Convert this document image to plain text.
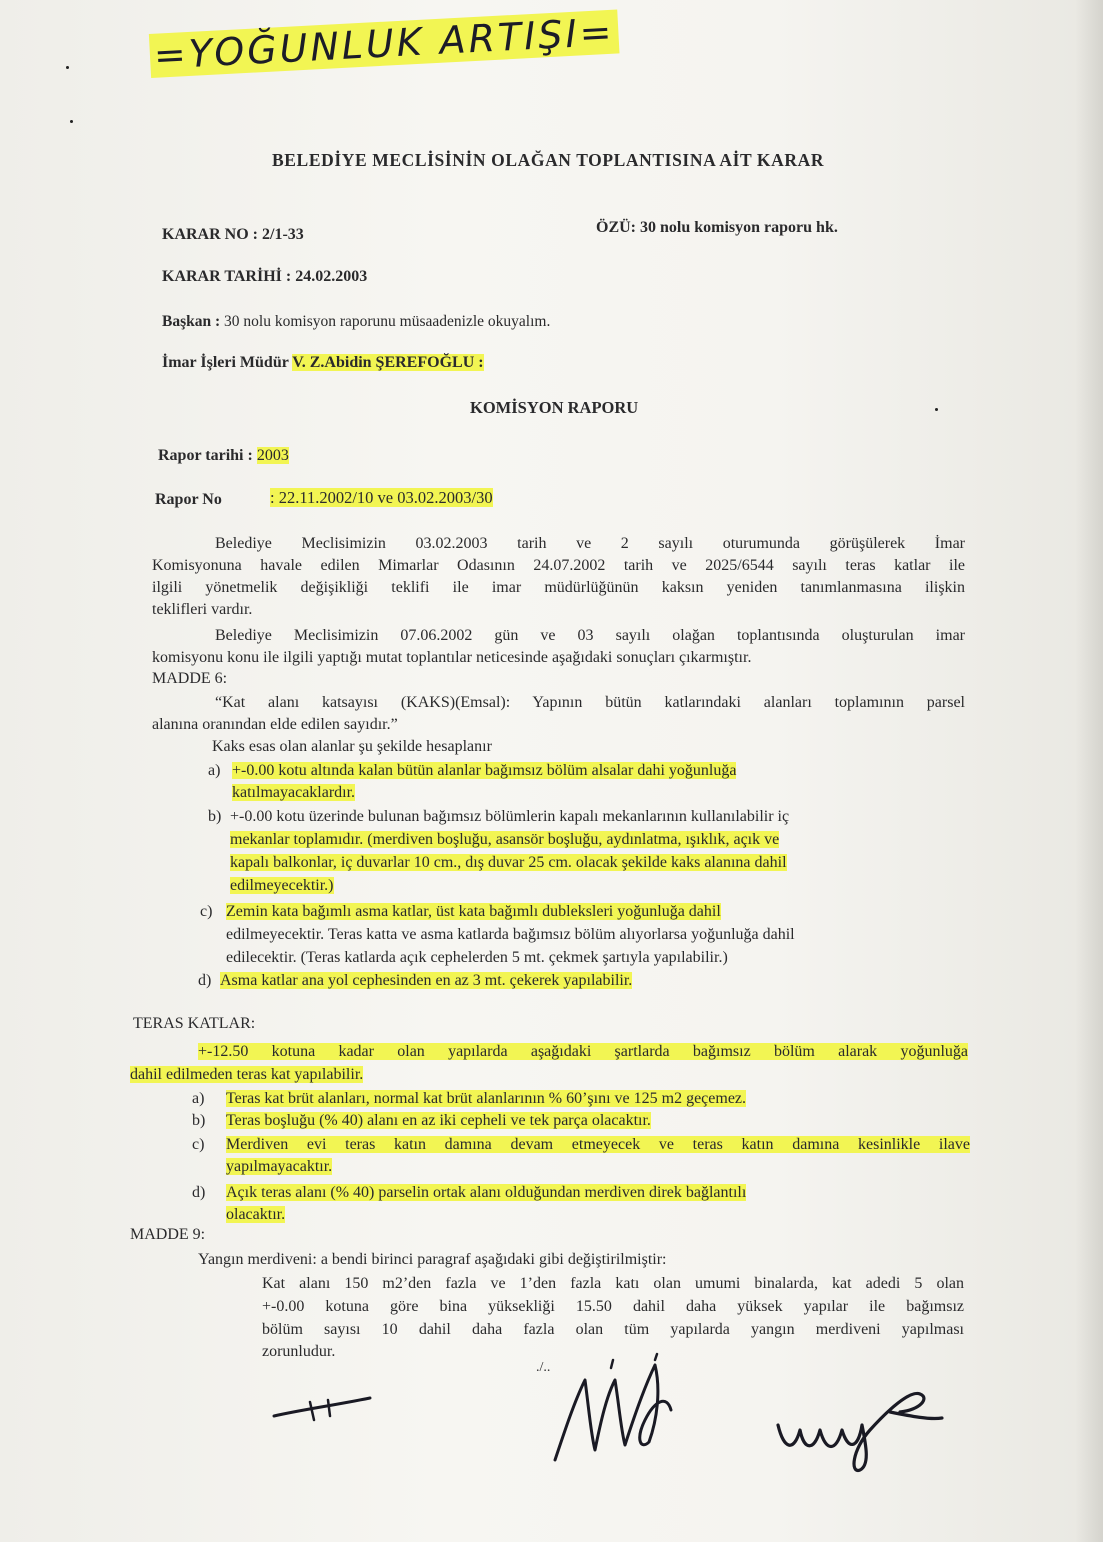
=YOĞUNLUK ARTIŞI=
BELEDİYE MECLİSİNİN OLAĞAN TOPLANTISINA AİT KARAR
KARAR NO : 2/1-33	ÖZÜ: 30 nolu komisyon raporu hk.
KARAR TARİHİ : 24.02.2003
Başkan : 30 nolu komisyon raporunu müsaadenizle okuyalım.
İmar İşleri Müdür V. Z.Abidin ŞEREFOĞLU :
KOMİSYON RAPORU
Rapor tarihi : 2003
Rapor No	: 22.11.2002/10 ve 03.02.2003/30
Belediye Meclisimizin 03.02.2003 tarih ve 2 sayılı oturumunda görüşülerek İmar
Komisyonuna havale edilen Mimarlar Odasının 24.07.2002 tarih ve 2025/6544 sayılı teras katlar ile
ilgili yönetmelik değişikliği teklifi ile imar müdürlüğünün kaksın yeniden tanımlanmasına ilişkin
teklifleri vardır.
Belediye Meclisimizin 07.06.2002 gün ve 03 sayılı olağan toplantısında oluşturulan imar
komisyonu konu ile ilgili yaptığı mutat toplantılar neticesinde aşağıdaki sonuçları çıkarmıştır.
MADDE 6:
“Kat alanı katsayısı (KAKS)(Emsal): Yapının bütün katlarındaki alanları toplamının parsel
alanına oranından elde edilen sayıdır.”
Kaks esas olan alanlar şu şekilde hesaplanır
a) +-0.00 kotu altında kalan bütün alanlar bağımsız bölüm alsalar dahi yoğunluğa
katılmayacaklardır.
b) +-0.00 kotu üzerinde bulunan bağımsız bölümlerin kapalı mekanlarının kullanılabilir iç
mekanlar toplamıdır. (merdiven boşluğu, asansör boşluğu, aydınlatma, ışıklık, açık ve
kapalı balkonlar, iç duvarlar 10 cm., dış duvar 25 cm. olacak şekilde kaks alanına dahil
edilmeyecektir.)
c) Zemin kata bağımlı asma katlar, üst kata bağımlı dubleksleri yoğunluğa dahil
edilmeyecektir. Teras katta ve asma katlarda bağımsız bölüm alıyorlarsa yoğunluğa dahil
edilecektir. (Teras katlarda açık cephelerden 5 mt. çekmek şartıyla yapılabilir.)
d) Asma katlar ana yol cephesinden en az 3 mt. çekerek yapılabilir.
TERAS KATLAR:
+-12.50 kotuna kadar olan yapılarda aşağıdaki şartlarda bağımsız bölüm alarak yoğunluğa
dahil edilmeden teras kat yapılabilir.
a) Teras kat brüt alanları, normal kat brüt alanlarının % 60’şını ve 125 m2 geçemez.
b) Teras boşluğu (% 40) alanı en az iki cepheli ve tek parça olacaktır.
c) Merdiven evi teras katın damına devam etmeyecek ve teras katın damına kesinlikle ilave
yapılmayacaktır.
d) Açık teras alanı (% 40) parselin ortak alanı olduğundan merdiven direk bağlantılı
olacaktır.
MADDE 9:
Yangın merdiveni: a bendi birinci paragraf aşağıdaki gibi değiştirilmiştir:
Kat alanı 150 m2’den fazla ve 1’den fazla katı olan umumi binalarda, kat adedi 5 olan
+-0.00 kotuna göre bina yüksekliği 15.50 dahil daha yüksek yapılar ile bağımsız
bölüm sayısı 10 dahil daha fazla olan tüm yapılarda yangın merdiveni yapılması
zorunludur.
./..
